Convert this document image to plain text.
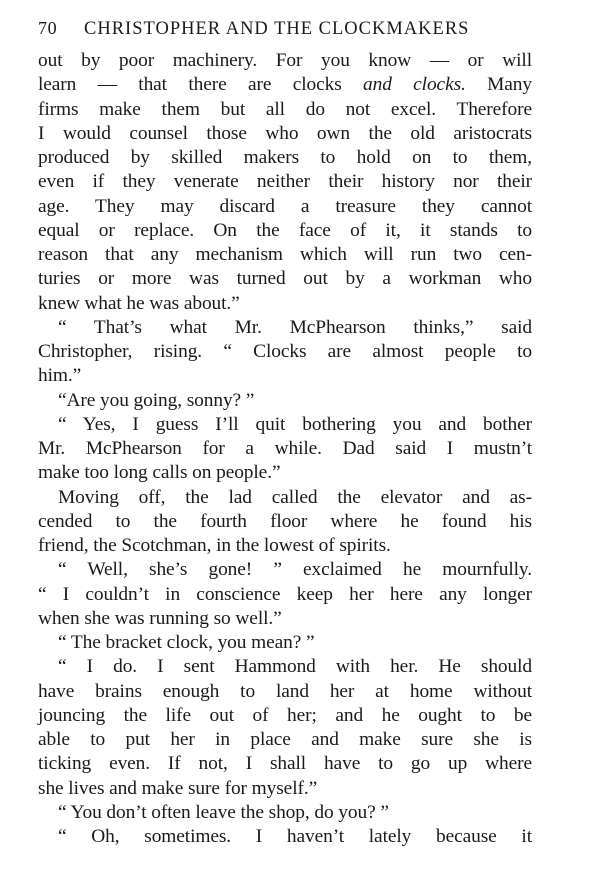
70	CHRISTOPHER AND THE CLOCKMAKERS
out by poor machinery. For you know — or will
learn — that there are clocks and clocks. Many
firms make them but all do not excel. Therefore
I would counsel those who own the old aristocrats
produced by skilled makers to hold on to them,
even if they venerate neither their history nor their
age. They may discard a treasure they cannot
equal or replace. On the face of it, it stands to
reason that any mechanism which will run two cen-
turies or more was turned out by a workman who
knew what he was about.”
“ That’s what Mr. McPhearson thinks,” said
Christopher, rising. “ Clocks are almost people to
him.”
“Are you going, sonny? ”
“ Yes, I guess I’ll quit bothering you and bother
Mr. McPhearson for a while. Dad said I mustn’t
make too long calls on people.”
Moving off, the lad called the elevator and as-
cended to the fourth floor where he found his
friend, the Scotchman, in the lowest of spirits.
“ Well, she’s gone! ” exclaimed he mournfully.
“ I couldn’t in conscience keep her here any longer
when she was running so well.”
“ The bracket clock, you mean? ”
“ I do. I sent Hammond with her. He should
have brains enough to land her at home without
jouncing the life out of her; and he ought to be
able to put her in place and make sure she is
ticking even. If not, I shall have to go up where
she lives and make sure for myself.”
“ You don’t often leave the shop, do you? ”
“ Oh, sometimes. I haven’t lately because it
